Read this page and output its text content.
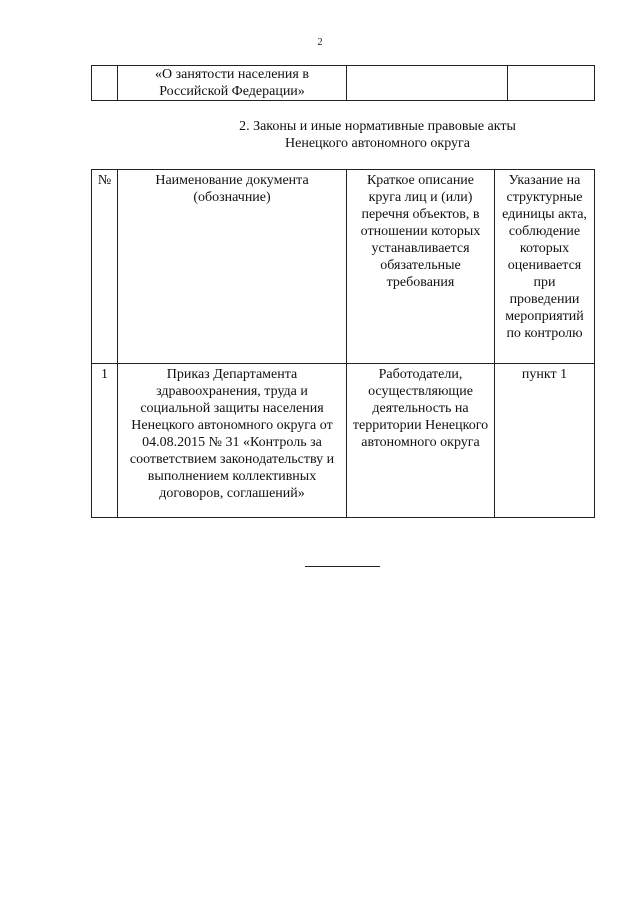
2
	«О занятости населения в Российской Федерации»		
2. Законы и иные нормативные правовые акты
Ненецкого автономного округа
№	Наименование документа (обозначние)	Краткое описание круга лиц и (или) перечня объектов, в отношении которых устанавливается обязательные требования	Указание на структурные единицы акта, соблюдение которых оценивается при проведении мероприятий по контролю
1	Приказ Департамента здравоохранения, труда и социальной защиты населения Ненецкого автономного округа от 04.08.2015 № 31 «Контроль за соответствием законодательству и выполнением коллективных договоров, соглашений»	Работодатели, осуществляющие деятельность на территории Ненецкого автономного округа	пункт 1
